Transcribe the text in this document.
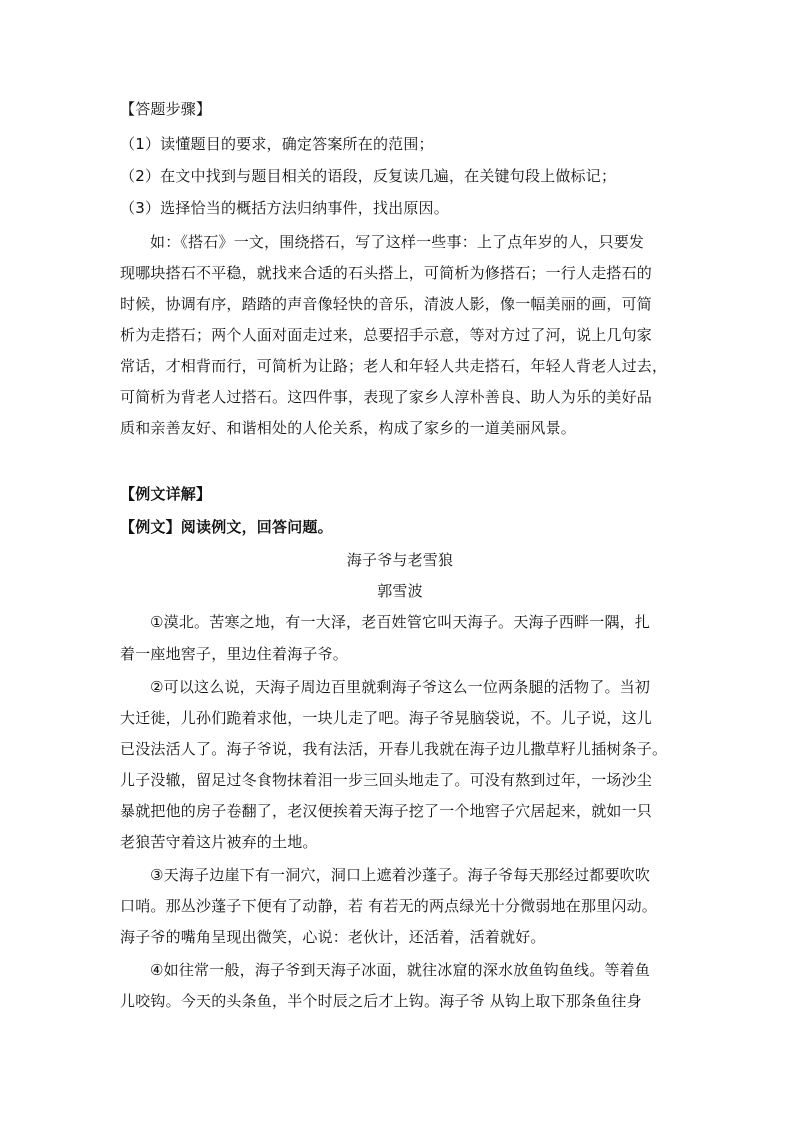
【答题步骤】
（1）读懂题目的要求，确定答案所在的范围；
（2）在文中找到与题目相关的语段，反复读几遍，在关键句段上做标记；
（3）选择恰当的概括方法归纳事件，找出原因。
如：《搭石》一文，围绕搭石，写了这样一些事：上了点年岁的人，只要发
现哪块搭石不平稳，就找来合适的石头搭上，可简析为修搭石；一行人走搭石的
时候，协调有序，踏踏的声音像轻快的音乐，清波人影，像一幅美丽的画，可简
析为走搭石；两个人面对面走过来，总要招手示意，等对方过了河，说上几句家
常话，才相背而行，可简析为让路；老人和年轻人共走搭石，年轻人背老人过去，
可简析为背老人过搭石。这四件事，表现了家乡人淳朴善良、助人为乐的美好品
质和亲善友好、和谐相处的人伦关系，构成了家乡的一道美丽风景。
【例文详解】
【例文】阅读例文，回答问题。
海子爷与老雪狼
郭雪波
①漠北。苦寒之地，有一大泽，老百姓管它叫天海子。天海子西畔一隅，扎
着一座地窖子，里边住着海子爷。
②可以这么说，天海子周边百里就剩海子爷这么一位两条腿的活物了。当初
大迁徙，儿孙们跪着求他，一块儿走了吧。海子爷晃脑袋说，不。儿子说，这儿
已没法活人了。海子爷说，我有法活，开春儿我就在海子边儿撒草籽儿插树条子。
儿子没辙，留足过冬食物抹着泪一步三回头地走了。可没有熬到过年，一场沙尘
暴就把他的房子卷翻了，老汉便挨着天海子挖了一个地窖子穴居起来，就如一只
老狼苦守着这片被弃的土地。
③天海子边崖下有一洞穴，洞口上遮着沙蓬子。海子爷每天那经过都要吹吹
口哨。那丛沙蓬子下便有了动静，若 有若无的两点绿光十分微弱地在那里闪动。
海子爷的嘴角呈现出微笑，心说：老伙计，还活着，活着就好。
④如往常一般，海子爷到天海子冰面，就往冰窟的深水放鱼钩鱼线。等着鱼
儿咬钩。今天的头条鱼，半个时辰之后才上钩。海子爷 从钩上取下那条鱼往身
